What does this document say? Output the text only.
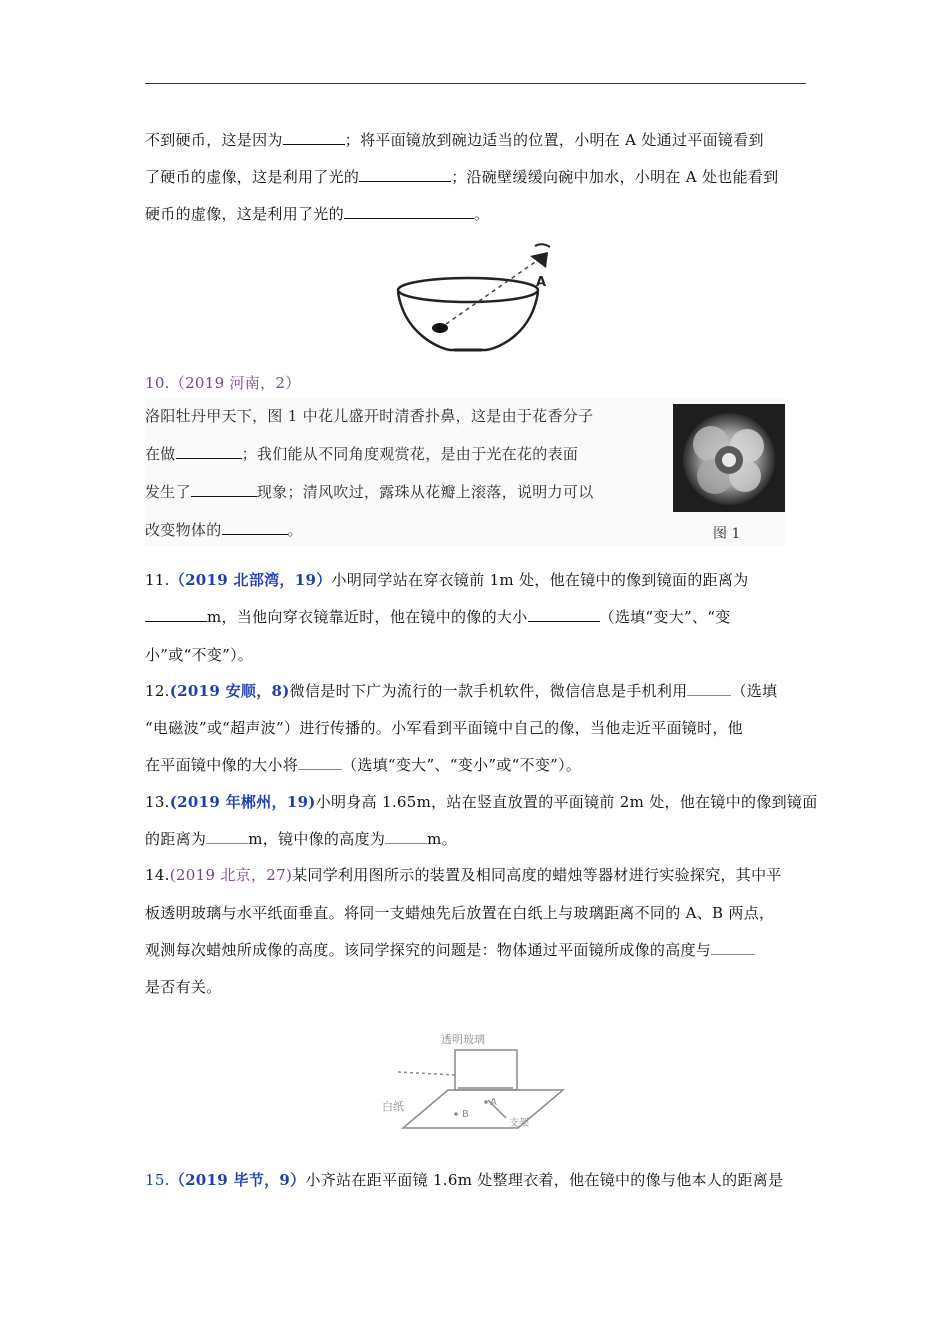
不到硬币，这是因为	；将平面镜放到碗边适当的位置，小明在 A 处通过平面镜看到
了硬币的虚像，这是利用了光的	；沿碗壁缓缓向碗中加水，小明在 A 处也能看到
硬币的虚像，这是利用了光的	。
A
10.（2019 河南，2）
洛阳牡丹甲天下，图 1 中花儿盛开时清香扑鼻，这是由于花香分子
在做	；我们能从不同角度观赏花，是由于光在花的表面
发生了	现象；清风吹过，露珠从花瓣上滚落，说明力可以
改变物体的	。	图 1
11.（2019 北部湾，19）小明同学站在穿衣镜前 1m 处，他在镜中的像到镜面的距离为
m，当他向穿衣镜靠近时，他在镜中的像的大小	（选填“变大”、“变
小”或“不变”）。
12.(2019 安顺，8)微信是时下广为流行的一款手机软件，微信信息是手机利用	（选填
“电磁波”或“超声波”）进行传播的。小军看到平面镜中自己的像，当他走近平面镜时，他
在平面镜中像的大小将	（选填“变大”、“变小”或“不变”）。
13.(2019 年郴州，19)小明身高 1.65m，站在竖直放置的平面镜前 2m 处，他在镜中的像到镜面
的距离为	m，镜中像的高度为	m。
14.(2019 北京，27)某同学利用图所示的装置及相同高度的蜡烛等器材进行实验探究，其中平
板透明玻璃与水平纸面垂直。将同一支蜡烛先后放置在白纸上与玻璃距离不同的 A、B 两点，
观测每次蜡烛所成像的高度。该同学探究的问题是：物体通过平面镜所成像的高度与
是否有关。
透明玻璃
白纸	A
B
支架
15.（2019 毕节，9）小齐站在距平面镜 1.6m 处整理衣着，他在镜中的像与他本人的距离是
